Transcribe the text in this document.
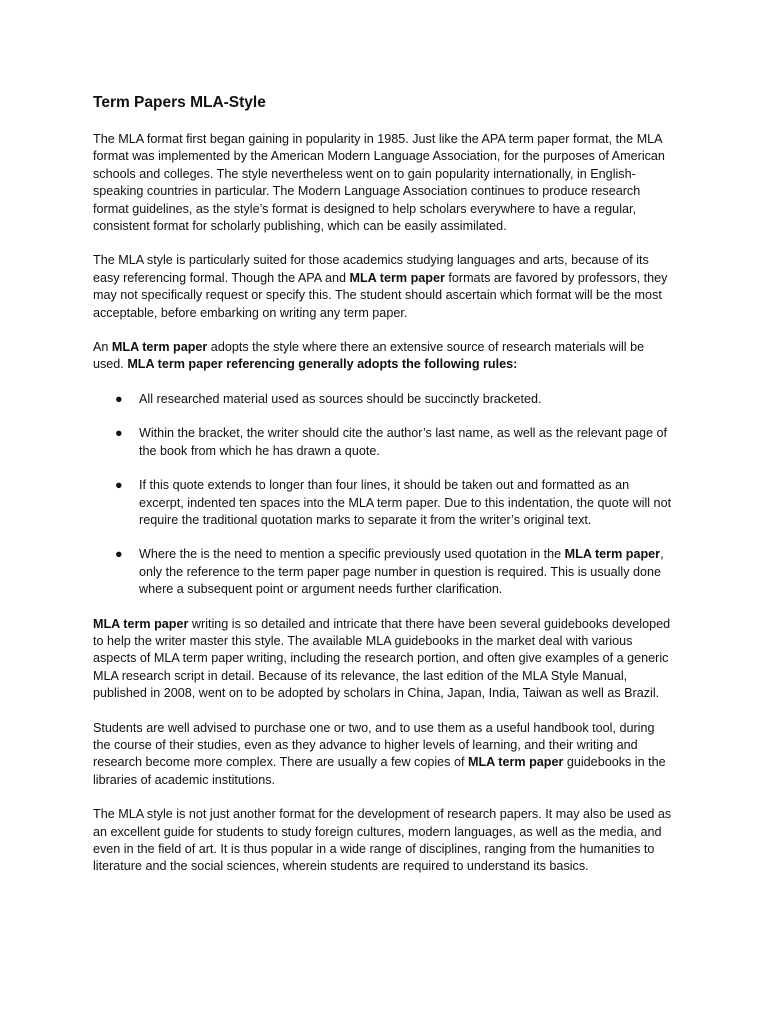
Term Papers MLA-Style

The MLA format first began gaining in popularity in 1985. Just like the APA term paper format, the MLA format was implemented by the American Modern Language Association, for the purposes of American schools and colleges. The style nevertheless went on to gain popularity internationally, in English-speaking countries in particular. The Modern Language Association continues to produce research format guidelines, as the style’s format is designed to help scholars everywhere to have a regular, consistent format for scholarly publishing, which can be easily assimilated.

The MLA style is particularly suited for those academics studying languages and arts, because of its easy referencing formal. Though the APA and MLA term paper formats are favored by professors, they may not specifically request or specify this. The student should ascertain which format will be the most acceptable, before embarking on writing any term paper.

An MLA term paper adopts the style where there an extensive source of research materials will be used. MLA term paper referencing generally adopts the following rules:

● All researched material used as sources should be succinctly bracketed.
● Within the bracket, the writer should cite the author’s last name, as well as the relevant page of the book from which he has drawn a quote.
● If this quote extends to longer than four lines, it should be taken out and formatted as an excerpt, indented ten spaces into the MLA term paper. Due to this indentation, the quote will not require the traditional quotation marks to separate it from the writer’s original text.
● Where the is the need to mention a specific previously used quotation in the MLA term paper, only the reference to the term paper page number in question is required. This is usually done where a subsequent point or argument needs further clarification.

MLA term paper writing is so detailed and intricate that there have been several guidebooks developed to help the writer master this style. The available MLA guidebooks in the market deal with various aspects of MLA term paper writing, including the research portion, and often give examples of a generic MLA research script in detail. Because of its relevance, the last edition of the MLA Style Manual, published in 2008, went on to be adopted by scholars in China, Japan, India, Taiwan as well as Brazil.

Students are well advised to purchase one or two, and to use them as a useful handbook tool, during the course of their studies, even as they advance to higher levels of learning, and their writing and research become more complex. There are usually a few copies of MLA term paper guidebooks in the libraries of academic institutions.

The MLA style is not just another format for the development of research papers. It may also be used as an excellent guide for students to study foreign cultures, modern languages, as well as the media, and even in the field of art. It is thus popular in a wide range of disciplines, ranging from the humanities to literature and the social sciences, wherein students are required to understand its basics.
